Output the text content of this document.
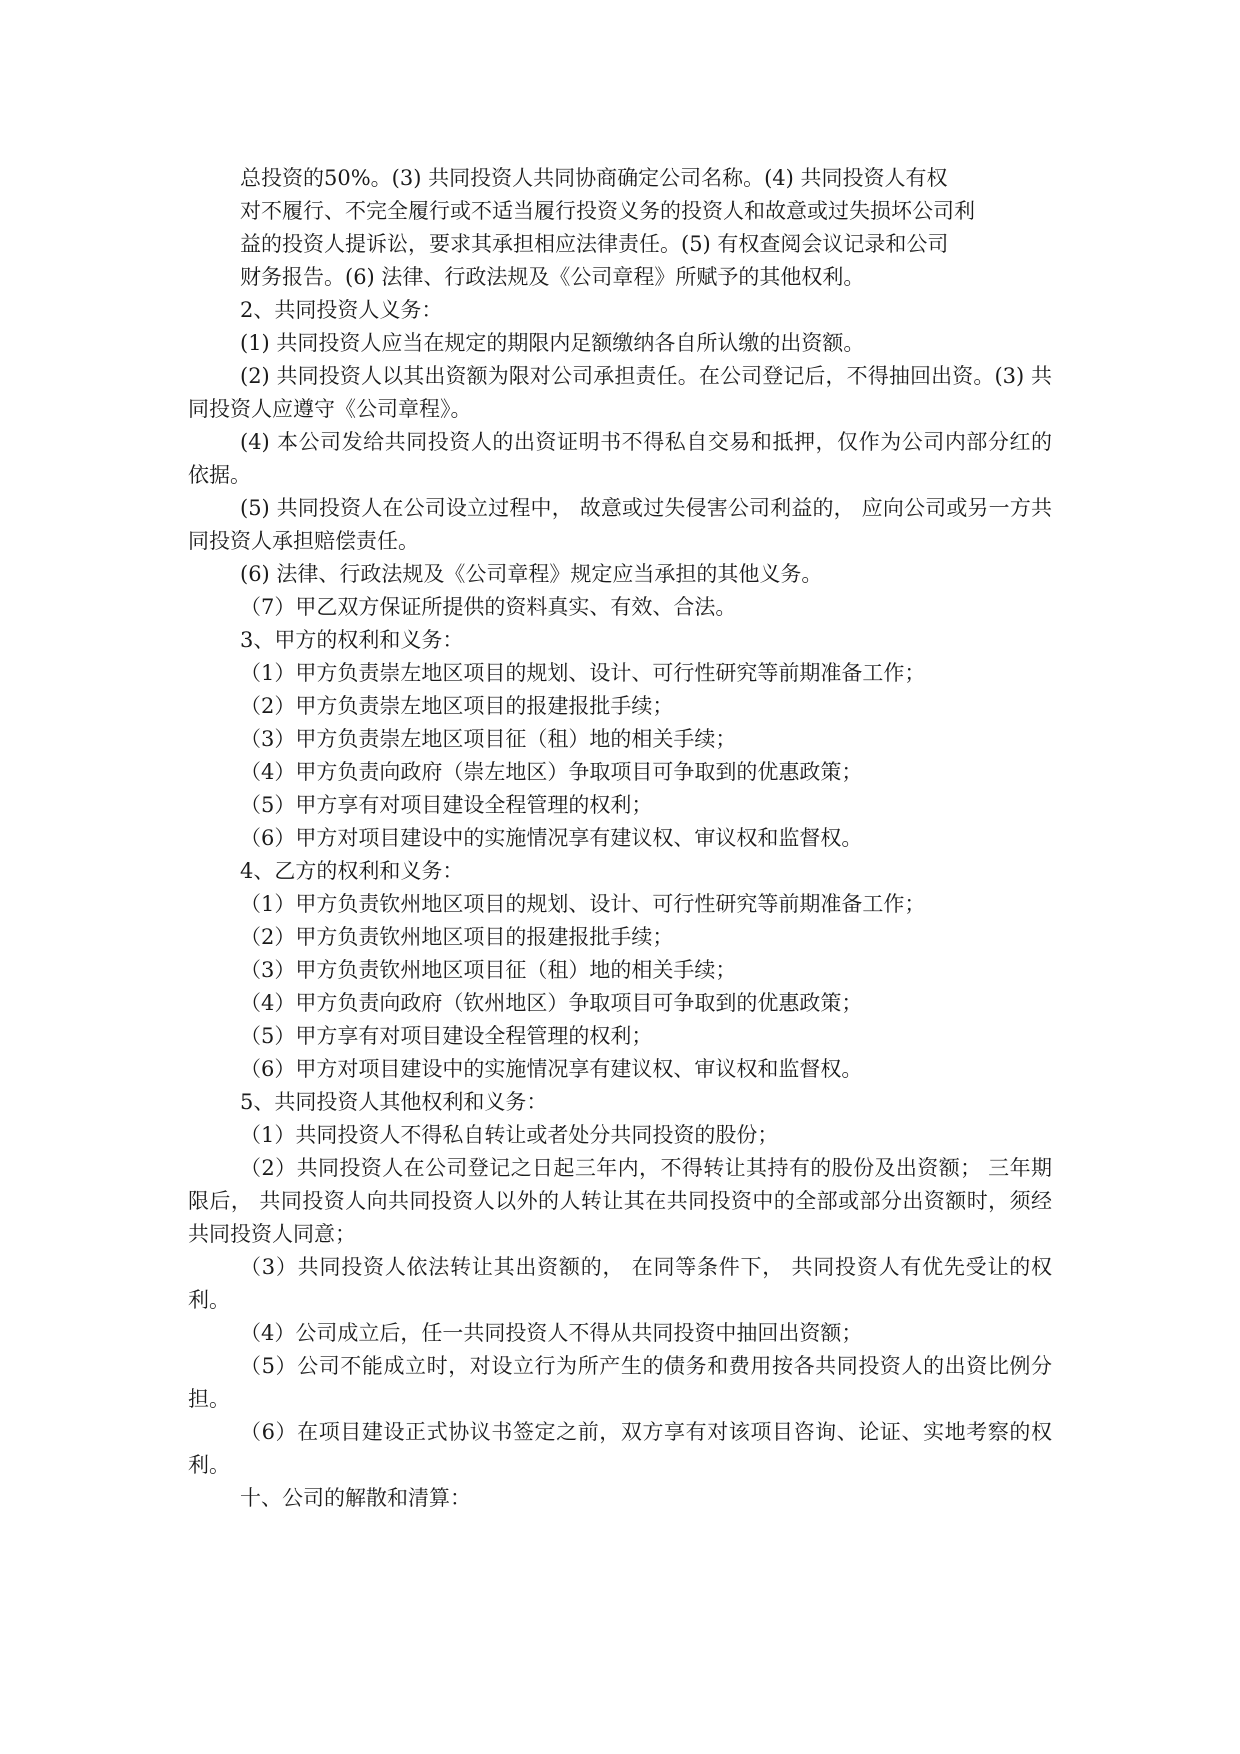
总投资的50%。(3) 共同投资人共同协商确定公司名称。(4) 共同投资人有权

对不履行、不完全履行或不适当履行投资义务的投资人和故意或过失损坏公司利

益的投资人提诉讼，要求其承担相应法律责任。(5) 有权查阅会议记录和公司

财务报告。(6) 法律、行政法规及《公司章程》所赋予的其他权利。

2、共同投资人义务：

(1) 共同投资人应当在规定的期限内足额缴纳各自所认缴的出资额。

(2) 共同投资人以其出资额为限对公司承担责任。在公司登记后，不得抽回出资。(3) 共同投资人应遵守《公司章程》。

(4) 本公司发给共同投资人的出资证明书不得私自交易和抵押，仅作为公司内部分红的依据。

(5) 共同投资人在公司设立过程中， 故意或过失侵害公司利益的， 应向公司或另一方共同投资人承担赔偿责任。

(6) 法律、行政法规及《公司章程》规定应当承担的其他义务。

（7）甲乙双方保证所提供的资料真实、有效、合法。

3、甲方的权利和义务：

（1）甲方负责崇左地区项目的规划、设计、可行性研究等前期准备工作；

（2）甲方负责崇左地区项目的报建报批手续；

（3）甲方负责崇左地区项目征（租）地的相关手续；

（4）甲方负责向政府（崇左地区）争取项目可争取到的优惠政策；

（5）甲方享有对项目建设全程管理的权利；

（6）甲方对项目建设中的实施情况享有建议权、审议权和监督权。

4、乙方的权利和义务：

（1）甲方负责钦州地区项目的规划、设计、可行性研究等前期准备工作；

（2）甲方负责钦州地区项目的报建报批手续；

（3）甲方负责钦州地区项目征（租）地的相关手续；

（4）甲方负责向政府（钦州地区）争取项目可争取到的优惠政策；

（5）甲方享有对项目建设全程管理的权利；

（6）甲方对项目建设中的实施情况享有建议权、审议权和监督权。

5、共同投资人其他权利和义务：

（1）共同投资人不得私自转让或者处分共同投资的股份；

（2）共同投资人在公司登记之日起三年内，不得转让其持有的股份及出资额； 三年期限后， 共同投资人向共同投资人以外的人转让其在共同投资中的全部或部分出资额时，须经共同投资人同意；

（3）共同投资人依法转让其出资额的， 在同等条件下， 共同投资人有优先受让的权利。

（4）公司成立后，任一共同投资人不得从共同投资中抽回出资额；

（5）公司不能成立时，对设立行为所产生的债务和费用按各共同投资人的出资比例分担。

（6）在项目建设正式协议书签定之前，双方享有对该项目咨询、论证、实地考察的权利。

十、公司的解散和清算：
